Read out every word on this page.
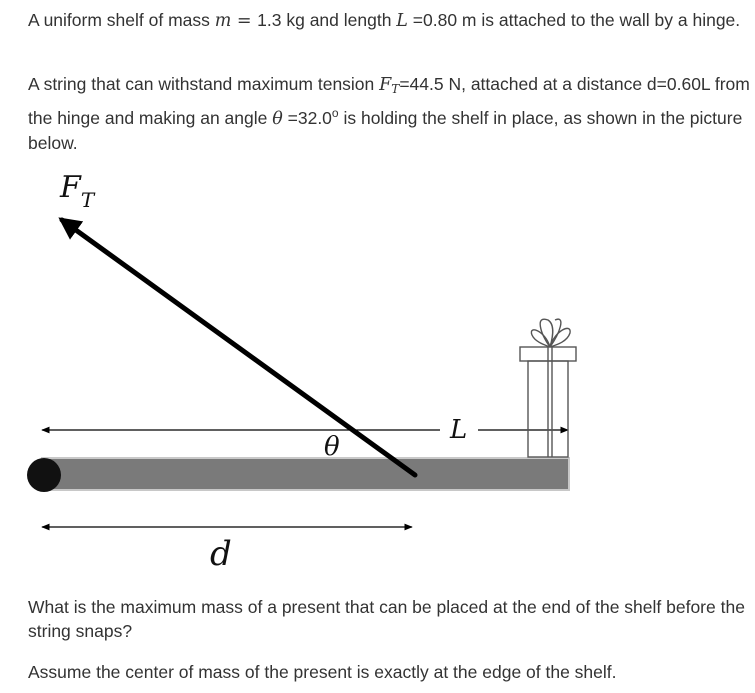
A uniform shelf of mass m = 1.3 kg and length L =0.80 m is attached to the wall by a hinge.

A string that can withstand maximum tension $F_T=44.5$ N, attached at a distance d=0.60L from the hinge and making an angle $\theta =32.0^o$ is holding the shelf in place, as shown in the picture below.

L
$F_T$
θ
d

What is the maximum mass of a present that can be placed at the end of the shelf before the string snaps?

Assume the center of mass of the present is exactly at the edge of the shelf.
